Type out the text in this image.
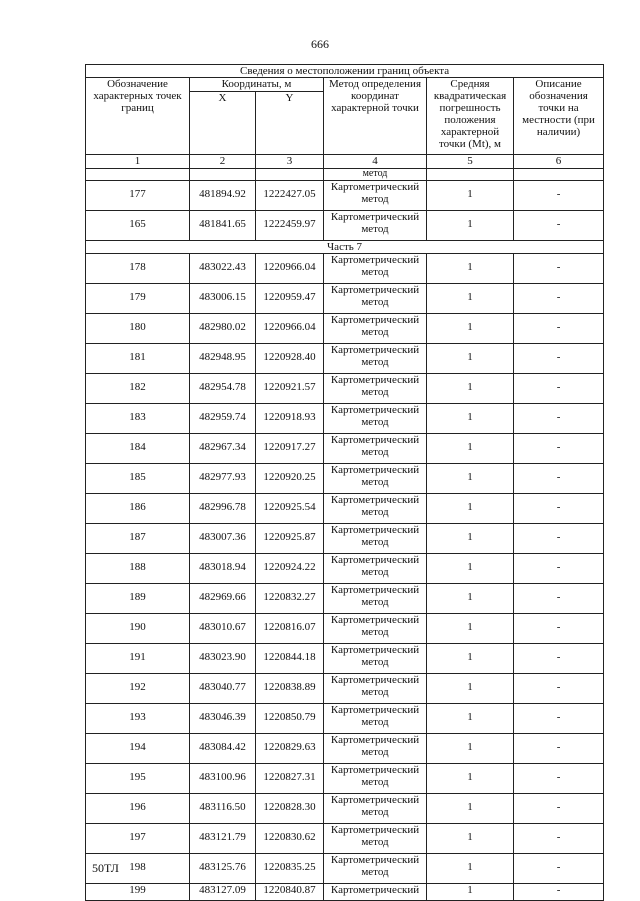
666
Сведения о местоположении границ объекта					
Обозначение характерных точек границ	Координаты, м		Метод определения координат характерной точки	Средняя квадратическая погрешность положения характерной точки (Mt), м	Описание обозначения точки на местности (при наличии)
	X	Y			
1	2	3	4	5	6
			метод		
177	481894.92	1222427.05	Картометрический метод	1	-
165	481841.65	1222459.97	Картометрический метод	1	-
Часть 7					
178	483022.43	1220966.04	Картометрический метод	1	-
179	483006.15	1220959.47	Картометрический метод	1	-
180	482980.02	1220966.04	Картометрический метод	1	-
181	482948.95	1220928.40	Картометрический метод	1	-
182	482954.78	1220921.57	Картометрический метод	1	-
183	482959.74	1220918.93	Картометрический метод	1	-
184	482967.34	1220917.27	Картометрический метод	1	-
185	482977.93	1220920.25	Картометрический метод	1	-
186	482996.78	1220925.54	Картометрический метод	1	-
187	483007.36	1220925.87	Картометрический метод	1	-
188	483018.94	1220924.22	Картометрический метод	1	-
189	482969.66	1220832.27	Картометрический метод	1	-
190	483010.67	1220816.07	Картометрический метод	1	-
191	483023.90	1220844.18	Картометрический метод	1	-
192	483040.77	1220838.89	Картометрический метод	1	-
193	483046.39	1220850.79	Картометрический метод	1	-
194	483084.42	1220829.63	Картометрический метод	1	-
195	483100.96	1220827.31	Картометрический метод	1	-
196	483116.50	1220828.30	Картометрический метод	1	-
197	483121.79	1220830.62	Картометрический метод	1	-
198	483125.76	1220835.25	Картометрический метод	1	-
199	483127.09	1220840.87	Картометрический	1	-
50ТЛ
